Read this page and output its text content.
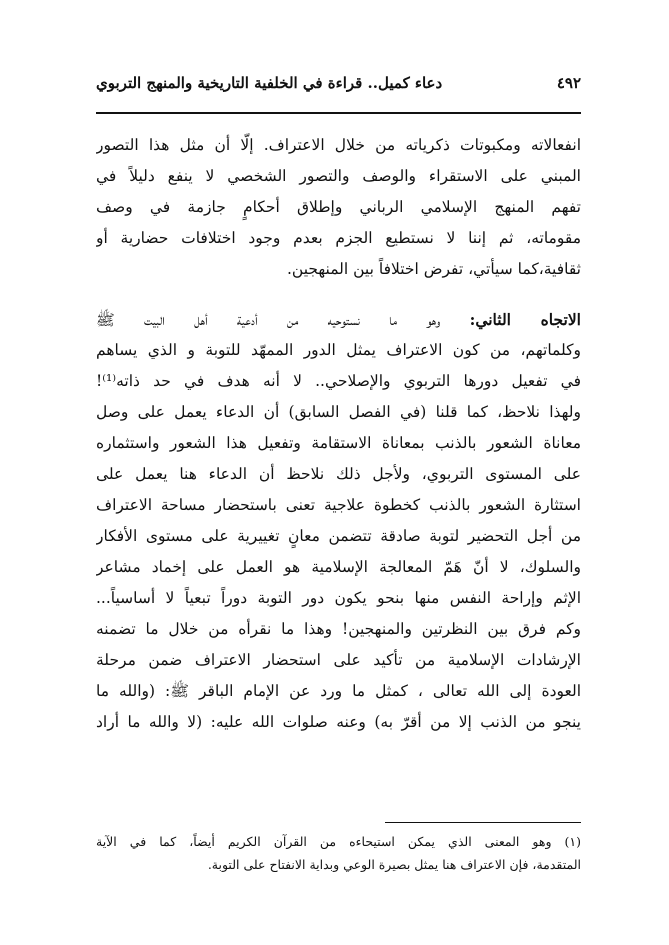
٤٩٢
دعاء كميل.. قراءة في الخلفية التاريخية والمنهج التربوي
انفعالاته ومكبوتات ذكرياته من خلال الاعتراف. إلّا أن مثل هذا التصور
المبني على الاستقراء والوصف والتصور الشخصي لا ينفع دليلاً في
تفهم المنهج الإسلامي الرباني وإطلاق أحكامٍ جازمة في وصف
مقوماته، ثم إننا لا نستطيع الجزم بعدم وجود اختلافات حضارية أو
ثقافية،كما سيأتي، تفرض اختلافاً بين المنهجين.
الاتجاه الثاني: وهو ما نستوحيه من أدعية أهل البيت ﷺ
وكلماتهم، من كون الاعتراف يمثل الدور الممهّد للتوبة و الذي يساهم
في تفعيل دورها التربوي والإصلاحي.. لا أنه هدف في حد ذاته⁽¹⁾!
ولهذا نلاحظ، كما قلنا (في الفصل السابق) أن الدعاء يعمل على وصل
معاناة الشعور بالذنب بمعاناة الاستقامة وتفعيل هذا الشعور واستثماره
على المستوى التربوي، ولأجل ذلك نلاحظ أن الدعاء هنا يعمل على
استثارة الشعور بالذنب كخطوة علاجية تعنى باستحضار مساحة الاعتراف
من أجل التحضير لتوبة صادقة تتضمن معانٍ تغييرية على مستوى الأفكار
والسلوك، لا أنّ هَمّ المعالجة الإسلامية هو العمل على إخماد مشاعر
الإثم وإراحة النفس منها بنحو يكون دور التوبة دوراً تبعياً لا أساسياً...
وكم فرق بين النظرتين والمنهجين! وهذا ما نقرأه من خلال ما تضمنه
الإرشادات الإسلامية من تأكيد على استحضار الاعتراف ضمن مرحلة
العودة إلى الله تعالى ، كمثل ما ورد عن الإمام الباقر ﷺ: (والله ما
ينجو من الذنب إلا من أقرّ به) وعنه صلوات الله عليه: (لا والله ما أراد
(١) وهو المعنى الذي يمكن استيحاءه من القرآن الكريم أيضاً، كما في الآية
المتقدمة، فإن الاعتراف هنا يمثل بصيرة الوعي وبداية الانفتاح على التوبة.
